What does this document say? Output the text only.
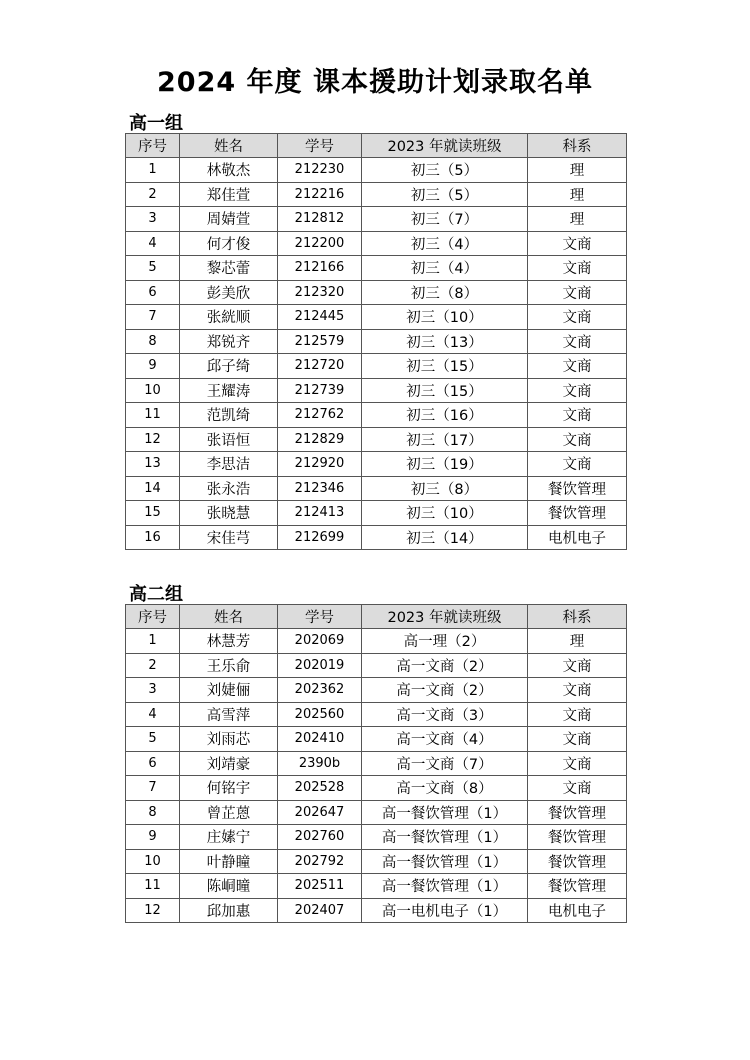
2024 年度 课本援助计划录取名单
高一组
序号	姓名	学号	2023 年就读班级	科系
1	林敬杰	212230	初三（5）	理
2	郑佳萱	212216	初三（5）	理
3	周婧萱	212812	初三（7）	理
4	何才俊	212200	初三（4）	文商
5	黎芯蕾	212166	初三（4）	文商
6	彭美欣	212320	初三（8）	文商
7	张絖顺	212445	初三（10）	文商
8	郑锐齐	212579	初三（13）	文商
9	邱子绮	212720	初三（15）	文商
10	王耀涛	212739	初三（15）	文商
11	范凯绮	212762	初三（16）	文商
12	张语恒	212829	初三（17）	文商
13	李思洁	212920	初三（19）	文商
14	张永浩	212346	初三（8）	餐饮管理
15	张晓慧	212413	初三（10）	餐饮管理
16	宋佳芎	212699	初三（14）	电机电子
高二组
序号	姓名	学号	2023 年就读班级	科系
1	林慧芳	202069	高一理（2）	理
2	王乐俞	202019	高一文商（2）	文商
3	刘婕俪	202362	高一文商（2）	文商
4	高雪萍	202560	高一文商（3）	文商
5	刘雨芯	202410	高一文商（4）	文商
6	刘靖豪	2390b	高一文商（7）	文商
7	何铭宇	202528	高一文商（8）	文商
8	曾芷蒽	202647	高一餐饮管理（1）	餐饮管理
9	庄嫊宁	202760	高一餐饮管理（1）	餐饮管理
10	叶静瞳	202792	高一餐饮管理（1）	餐饮管理
11	陈峒曈	202511	高一餐饮管理（1）	餐饮管理
12	邱加惠	202407	高一电机电子（1）	电机电子
